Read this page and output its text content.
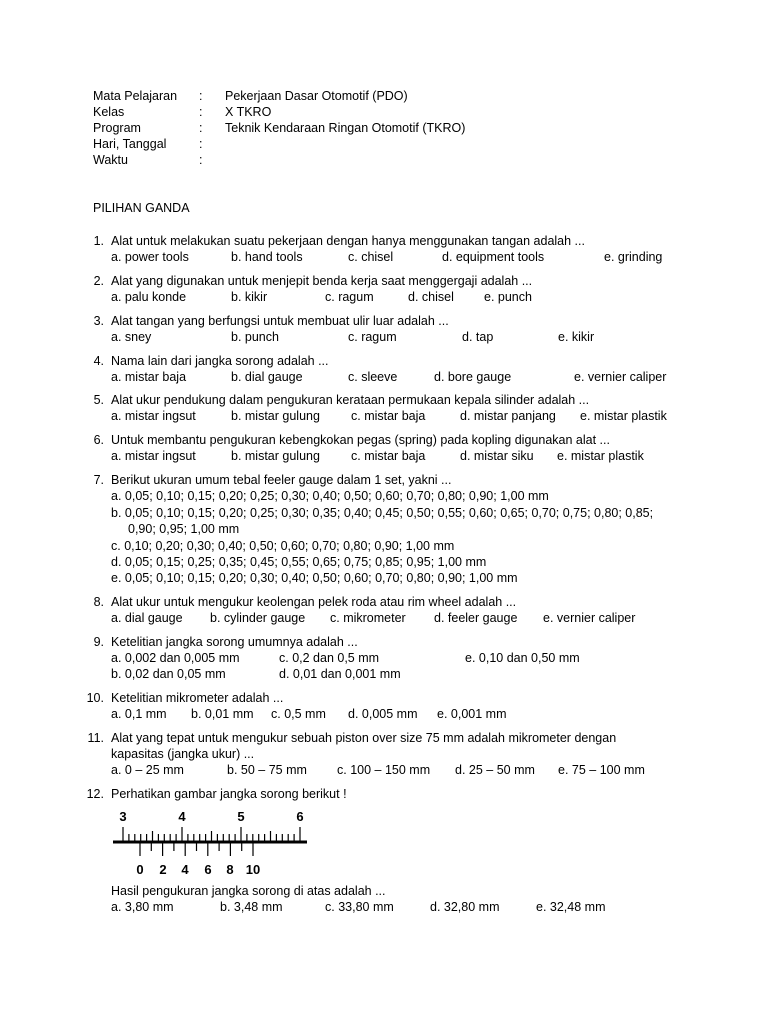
Mata Pelajaran : Pekerjaan Dasar Otomotif (PDO)
Kelas	: X TKRO
Program	: Teknik Kendaraan Ringan Otomotif (TKRO)
Hari, Tanggal	:
Waktu	:
PILIHAN GANDA
1. Alat untuk melakukan suatu pekerjaan dengan hanya menggunakan tangan adalah ...
a. power tools	b. hand tools	c. chisel	d. equipment tools	e. grinding
2. Alat yang digunakan untuk menjepit benda kerja saat menggergaji adalah ...
a. palu konde	b. kikir	c. ragum	d. chisel e. punch
3. Alat tangan yang berfungsi untuk membuat ulir luar adalah ...
a. sney	b. punch	c. ragum	d. tap	e. kikir
4. Nama lain dari jangka sorong adalah ...
a. mistar baja	b. dial gauge	c. sleeve	d. bore gauge	e. vernier caliper
5. Alat ukur pendukung dalam pengukuran kerataan permukaan kepala silinder adalah ...
a. mistar ingsut	b. mistar gulung c. mistar baja	d. mistar panjang e. mistar plastik
6. Untuk membantu pengukuran kebengkokan pegas (spring) pada kopling digunakan alat ...
a. mistar ingsut	b. mistar gulung c. mistar baja	d. mistar siku e. mistar plastik
7. Berikut ukuran umum tebal feeler gauge dalam 1 set, yakni ...
a. 0,05; 0,10; 0,15; 0,20; 0,25; 0,30; 0,40; 0,50; 0,60; 0,70; 0,80; 0,90; 1,00 mm
b. 0,05; 0,10; 0,15; 0,20; 0,25; 0,30; 0,35; 0,40; 0,45; 0,50; 0,55; 0,60; 0,65; 0,70; 0,75; 0,80; 0,85;
0,90; 0,95; 1,00 mm
c. 0,10; 0,20; 0,30; 0,40; 0,50; 0,60; 0,70; 0,80; 0,90; 1,00 mm
d. 0,05; 0,15; 0,25; 0,35; 0,45; 0,55; 0,65; 0,75; 0,85; 0,95; 1,00 mm
e. 0,05; 0,10; 0,15; 0,20; 0,30; 0,40; 0,50; 0,60; 0,70; 0,80; 0,90; 1,00 mm
8. Alat ukur untuk mengukur keolengan pelek roda atau rim wheel adalah ...
a. dial gauge b. cylinder gauge c. mikrometer d. feeler gauge e. vernier caliper
9. Ketelitian jangka sorong umumnya adalah ...
a. 0,002 dan 0,005 mm	c. 0,2 dan 0,5 mm	e. 0,10 dan 0,50 mm
b. 0,02 dan 0,05 mm	d. 0,01 dan 0,001 mm
10. Ketelitian mikrometer adalah ...
a. 0,1 mm b. 0,01 mm c. 0,5 mm d. 0,005 mm e. 0,001 mm
11. Alat yang tepat untuk mengukur sebuah piston over size 75 mm adalah mikrometer dengan
kapasitas (jangka ukur) ...
a. 0 – 25 mm	b. 50 – 75 mm c. 100 – 150 mm d. 25 – 50 mm e. 75 – 100 mm
12. Perhatikan gambar jangka sorong berikut !
Hasil pengukuran jangka sorong di atas adalah ...
a. 3,80 mm	b. 3,48 mm	c. 33,80 mm	d. 32,80 mm	e. 32,48 mm
3	4	5	6
0 2 4 6 8 10
